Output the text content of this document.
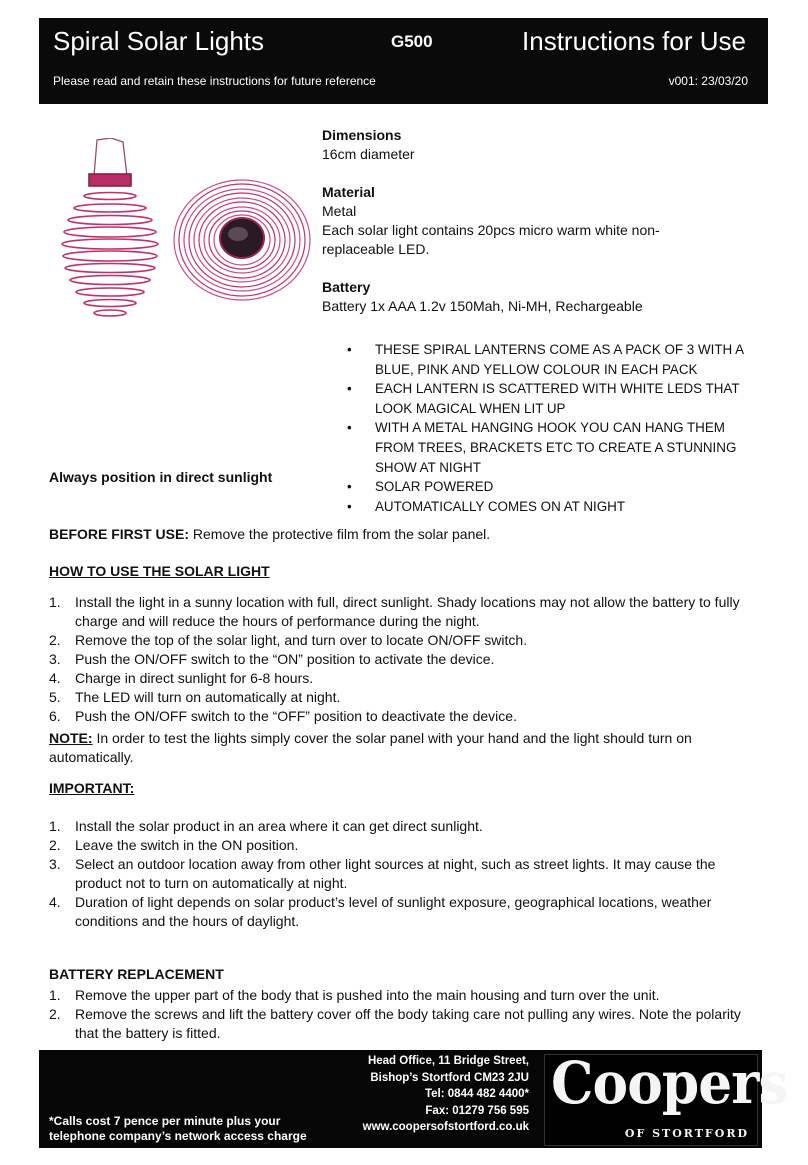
Spiral Solar Lights	G500	Instructions for Use
Please read and retain these instructions for future reference	v001: 23/03/20
Always position in direct sunlight

Dimensions

16cm diameter

Material

Metal

Each solar light contains 20pcs micro warm white non-replaceable LED.

Battery

Battery 1x AAA 1.2v 150Mah, Ni-MH, Rechargeable

• THESE SPIRAL LANTERNS COME AS A PACK OF 3 WITH A BLUE, PINK AND YELLOW COLOUR IN EACH PACK
• EACH LANTERN IS SCATTERED WITH WHITE LEDS THAT LOOK MAGICAL WHEN LIT UP
• WITH A METAL HANGING HOOK YOU CAN HANG THEM FROM TREES, BRACKETS ETC TO CREATE A STUNNING SHOW AT NIGHT
• SOLAR POWERED
• AUTOMATICALLY COMES ON AT NIGHT

BEFORE FIRST USE: Remove the protective film from the solar panel.

HOW TO USE THE SOLAR LIGHT

1. Install the light in a sunny location with full, direct sunlight. Shady locations may not allow the battery to fully charge and will reduce the hours of performance during the night.
2. Remove the top of the solar light, and turn over to locate ON/OFF switch.
3. Push the ON/OFF switch to the “ON” position to activate the device.
4. Charge in direct sunlight for 6-8 hours.
5. The LED will turn on automatically at night.
6. Push the ON/OFF switch to the “OFF” position to deactivate the device.

NOTE: In order to test the lights simply cover the solar panel with your hand and the light should turn on automatically.

IMPORTANT:

1. Install the solar product in an area where it can get direct sunlight.
2. Leave the switch in the ON position.
3. Select an outdoor location away from other light sources at night, such as street lights. It may cause the product not to turn on automatically at night.
4. Duration of light depends on solar product’s level of sunlight exposure, geographical locations, weather conditions and the hours of daylight.

BATTERY REPLACEMENT

1. Remove the upper part of the body that is pushed into the main housing and turn over the unit.
2. Remove the screws and lift the battery cover off the body taking care not pulling any wires. Note the polarity that the battery is fitted.
*Calls cost 7 pence per minute plus your
telephone company’s network access charge
Head Office, 11 Bridge Street,
Bishop’s Stortford CM23 2JU
Tel: 0844 482 4400*
Fax: 01279 756 595
www.coopersofstortford.co.uk
Coopers
OF STORTFORD
